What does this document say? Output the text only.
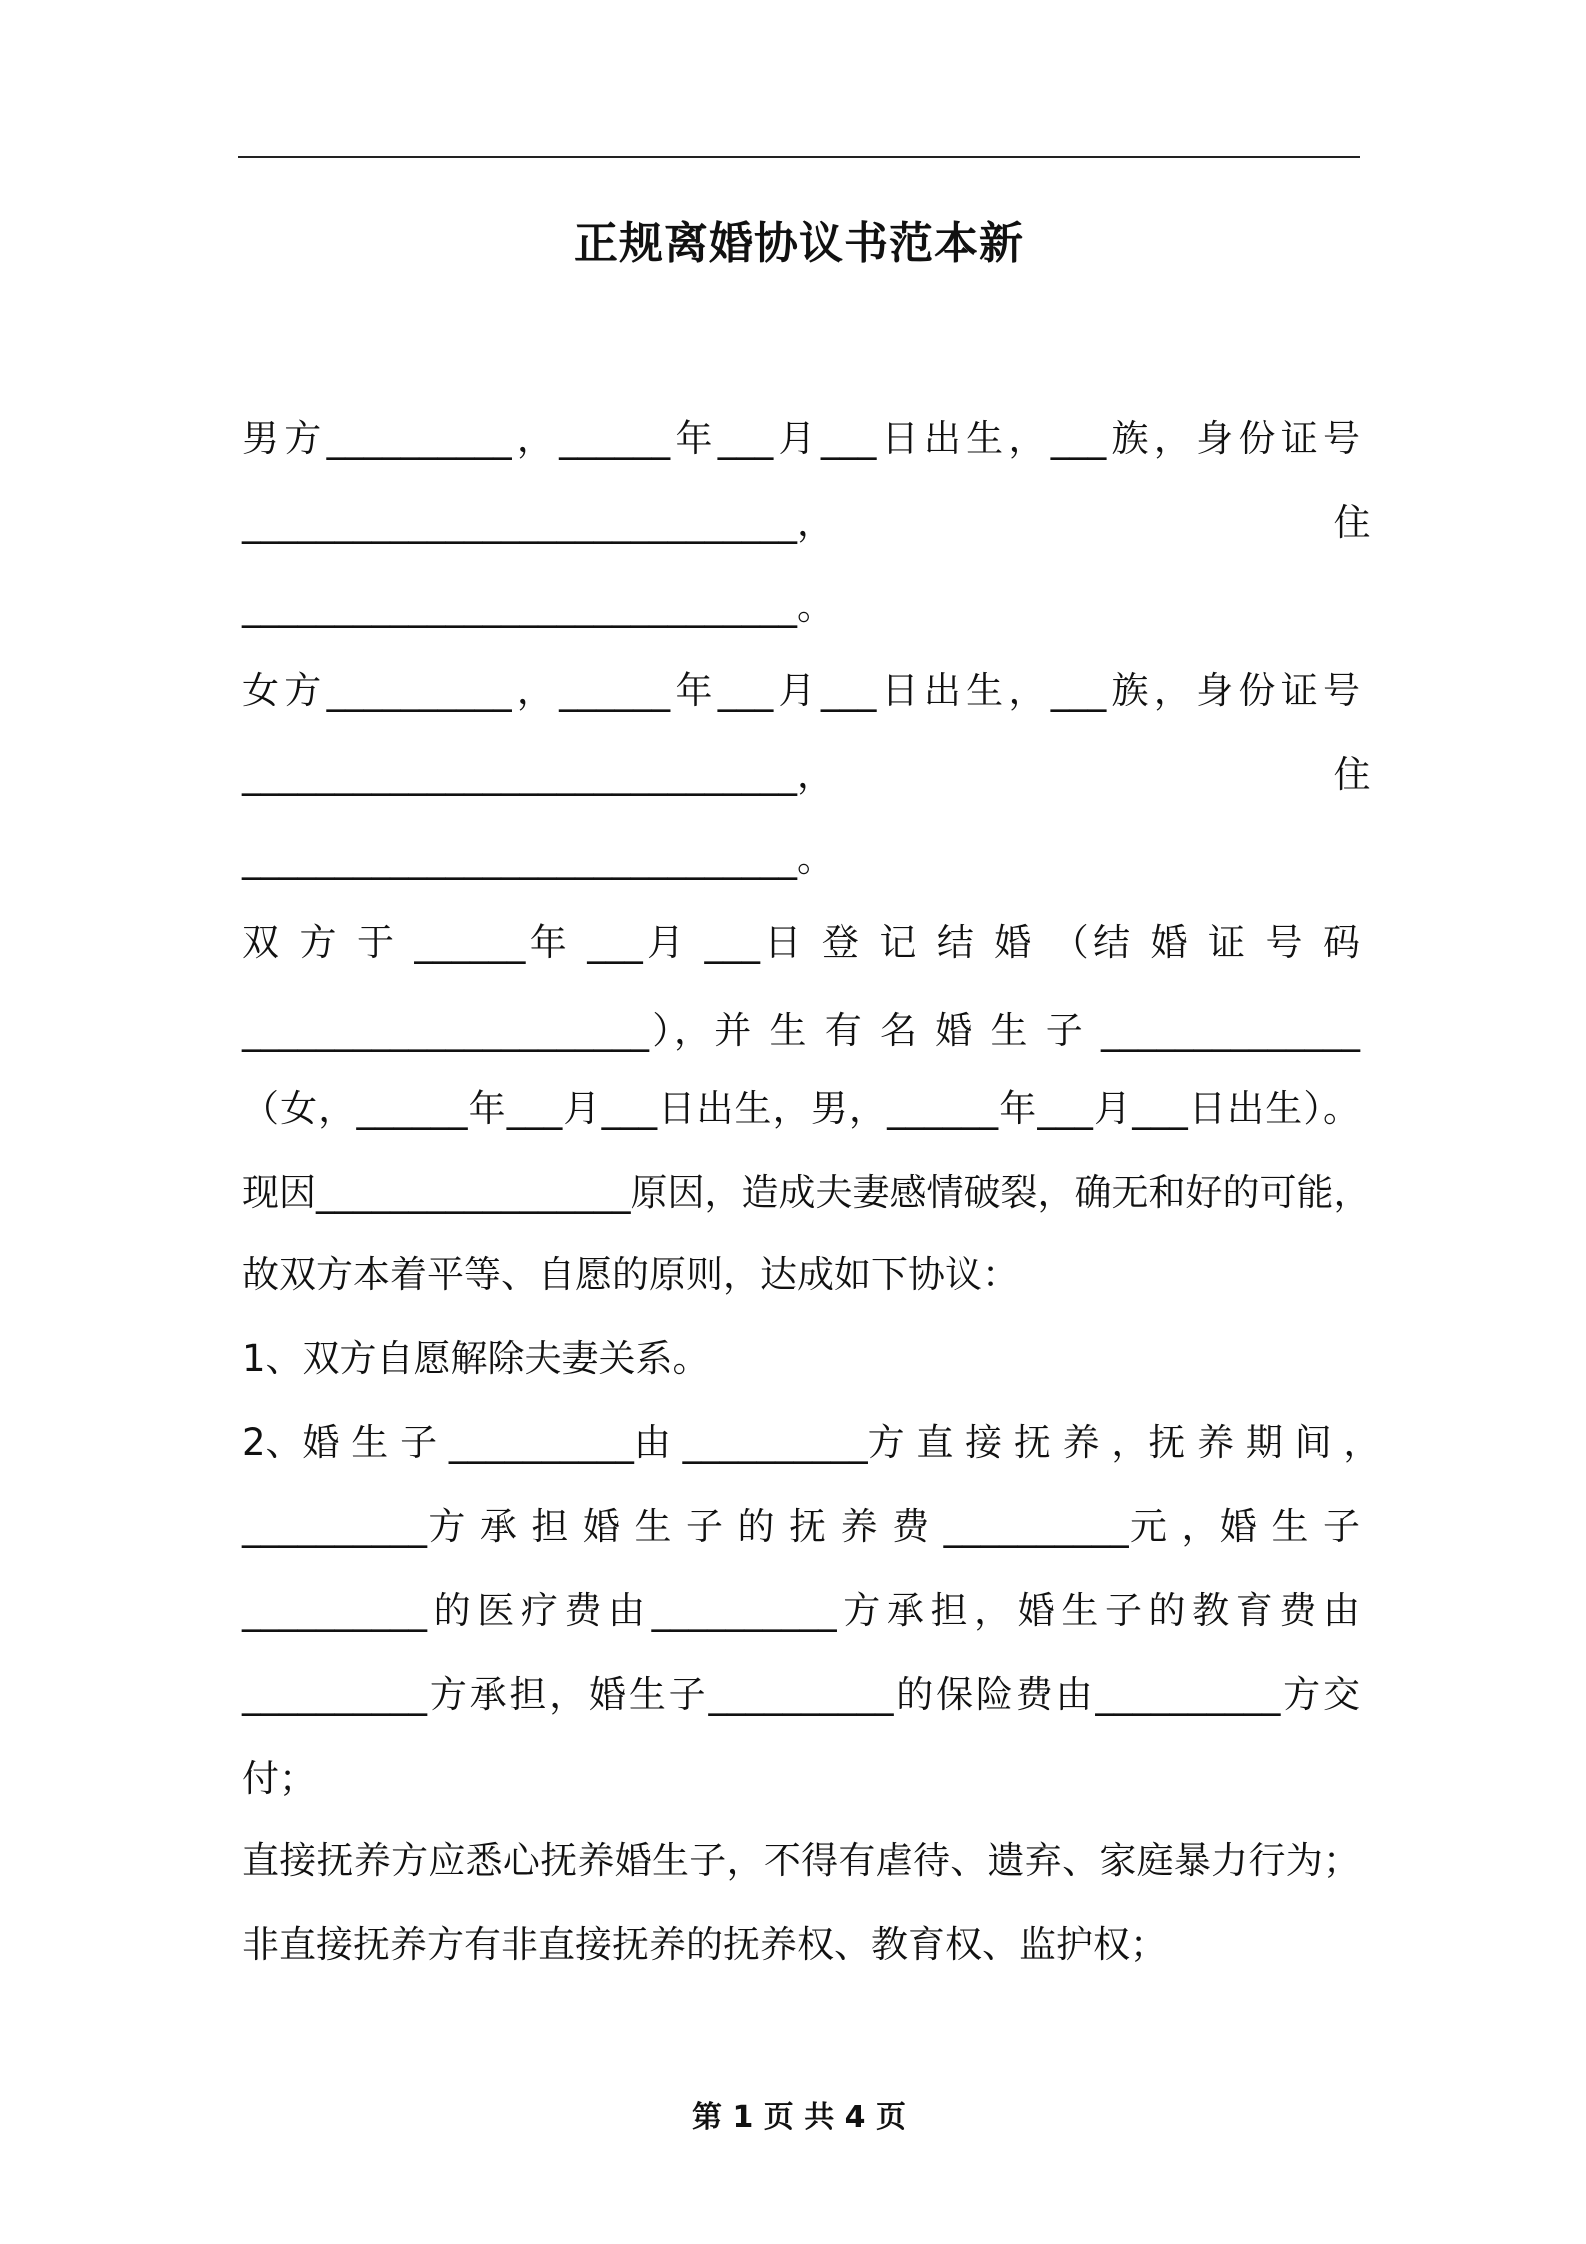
正规离婚协议书范本新
男方__________，______年___月___日出生，___族，身份证号
______________________________，　　　　　　　　　　　　　　住
______________________________。
女方__________，______年___月___日出生，___族，身份证号
______________________________，　　　　　　　　　　　　　　住
______________________________。
双 方 于 ______年 ___月 ___日 登 记 结 婚 （结 婚 证 号 码
______________________），并 生 有 名 婚 生 子 ______________
（女，______年___月___日出生，男，______年___月___日出生）。
现因_________________原因，造成夫妻感情破裂，确无和好的可能，
故双方本着平等、自愿的原则，达成如下协议：
1、双方自愿解除夫妻关系。
2、婚 生 子 __________由 __________方 直 接 抚 养 ，抚 养 期 间 ，
__________方 承 担 婚 生 子 的 抚 养 费 __________元 ，婚 生 子
__________的医疗费由__________方承担，婚生子的教育费由
__________方承担，婚生子__________的保险费由__________方交
付；
直接抚养方应悉心抚养婚生子，不得有虐待、遗弃、家庭暴力行为；
非直接抚养方有非直接抚养的抚养权、教育权、监护权；
第 1 页 共 4 页
